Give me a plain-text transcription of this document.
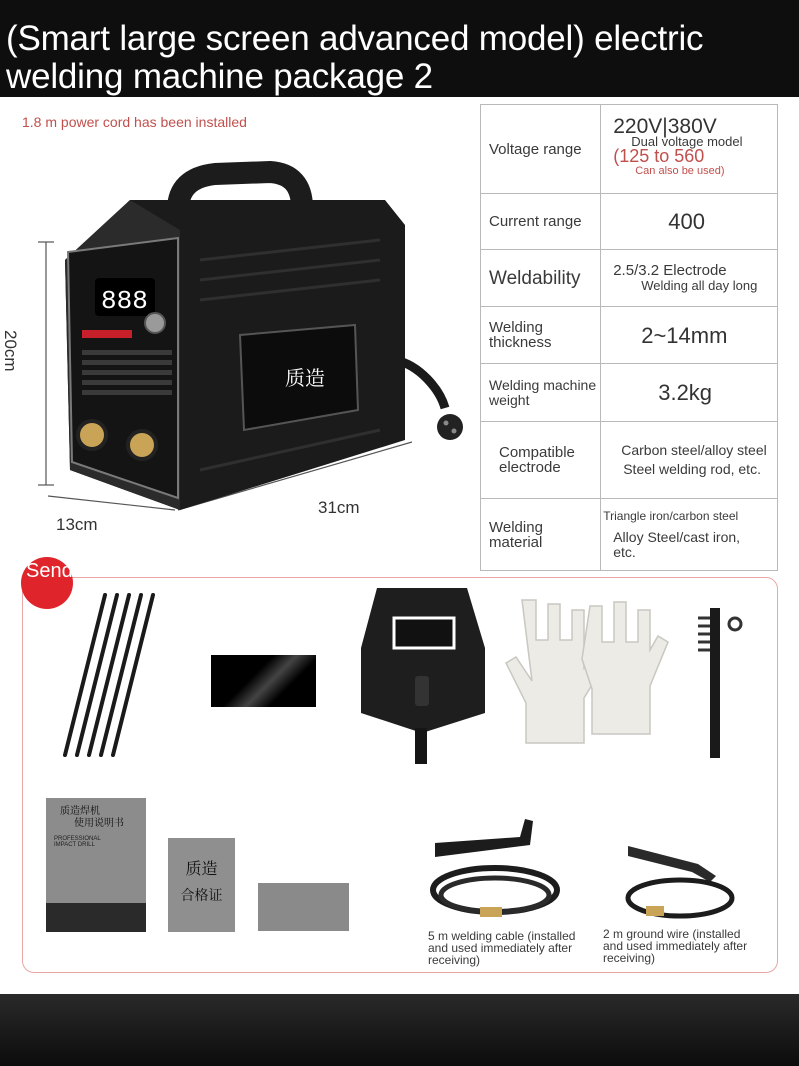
(Smart large screen advanced model) electric welding machine package 2
1.8 m power cord has been installed
888
质造
20cm
13cm
31cm
Voltage range	220V|380V
Dual voltage model
(125 to 560
Can also be used)

Current range	400

Weldability	2.5/3.2 Electrode
Welding all day long

Welding thickness	2~14mm

Welding machine weight	3.2kg

Compatible electrode	Carbon steel/alloy steel
Steel welding rod, etc.

Welding material	Triangle iron/carbon steel
Alloy Steel/cast iron, etc.
Send
质造焊机
使用说明书
PROFESSIONAL
IMPACT DRILL
质造
合格证
5 m welding cable (installed and used immediately after receiving)
2 m ground wire (installed and used immediately after receiving)
